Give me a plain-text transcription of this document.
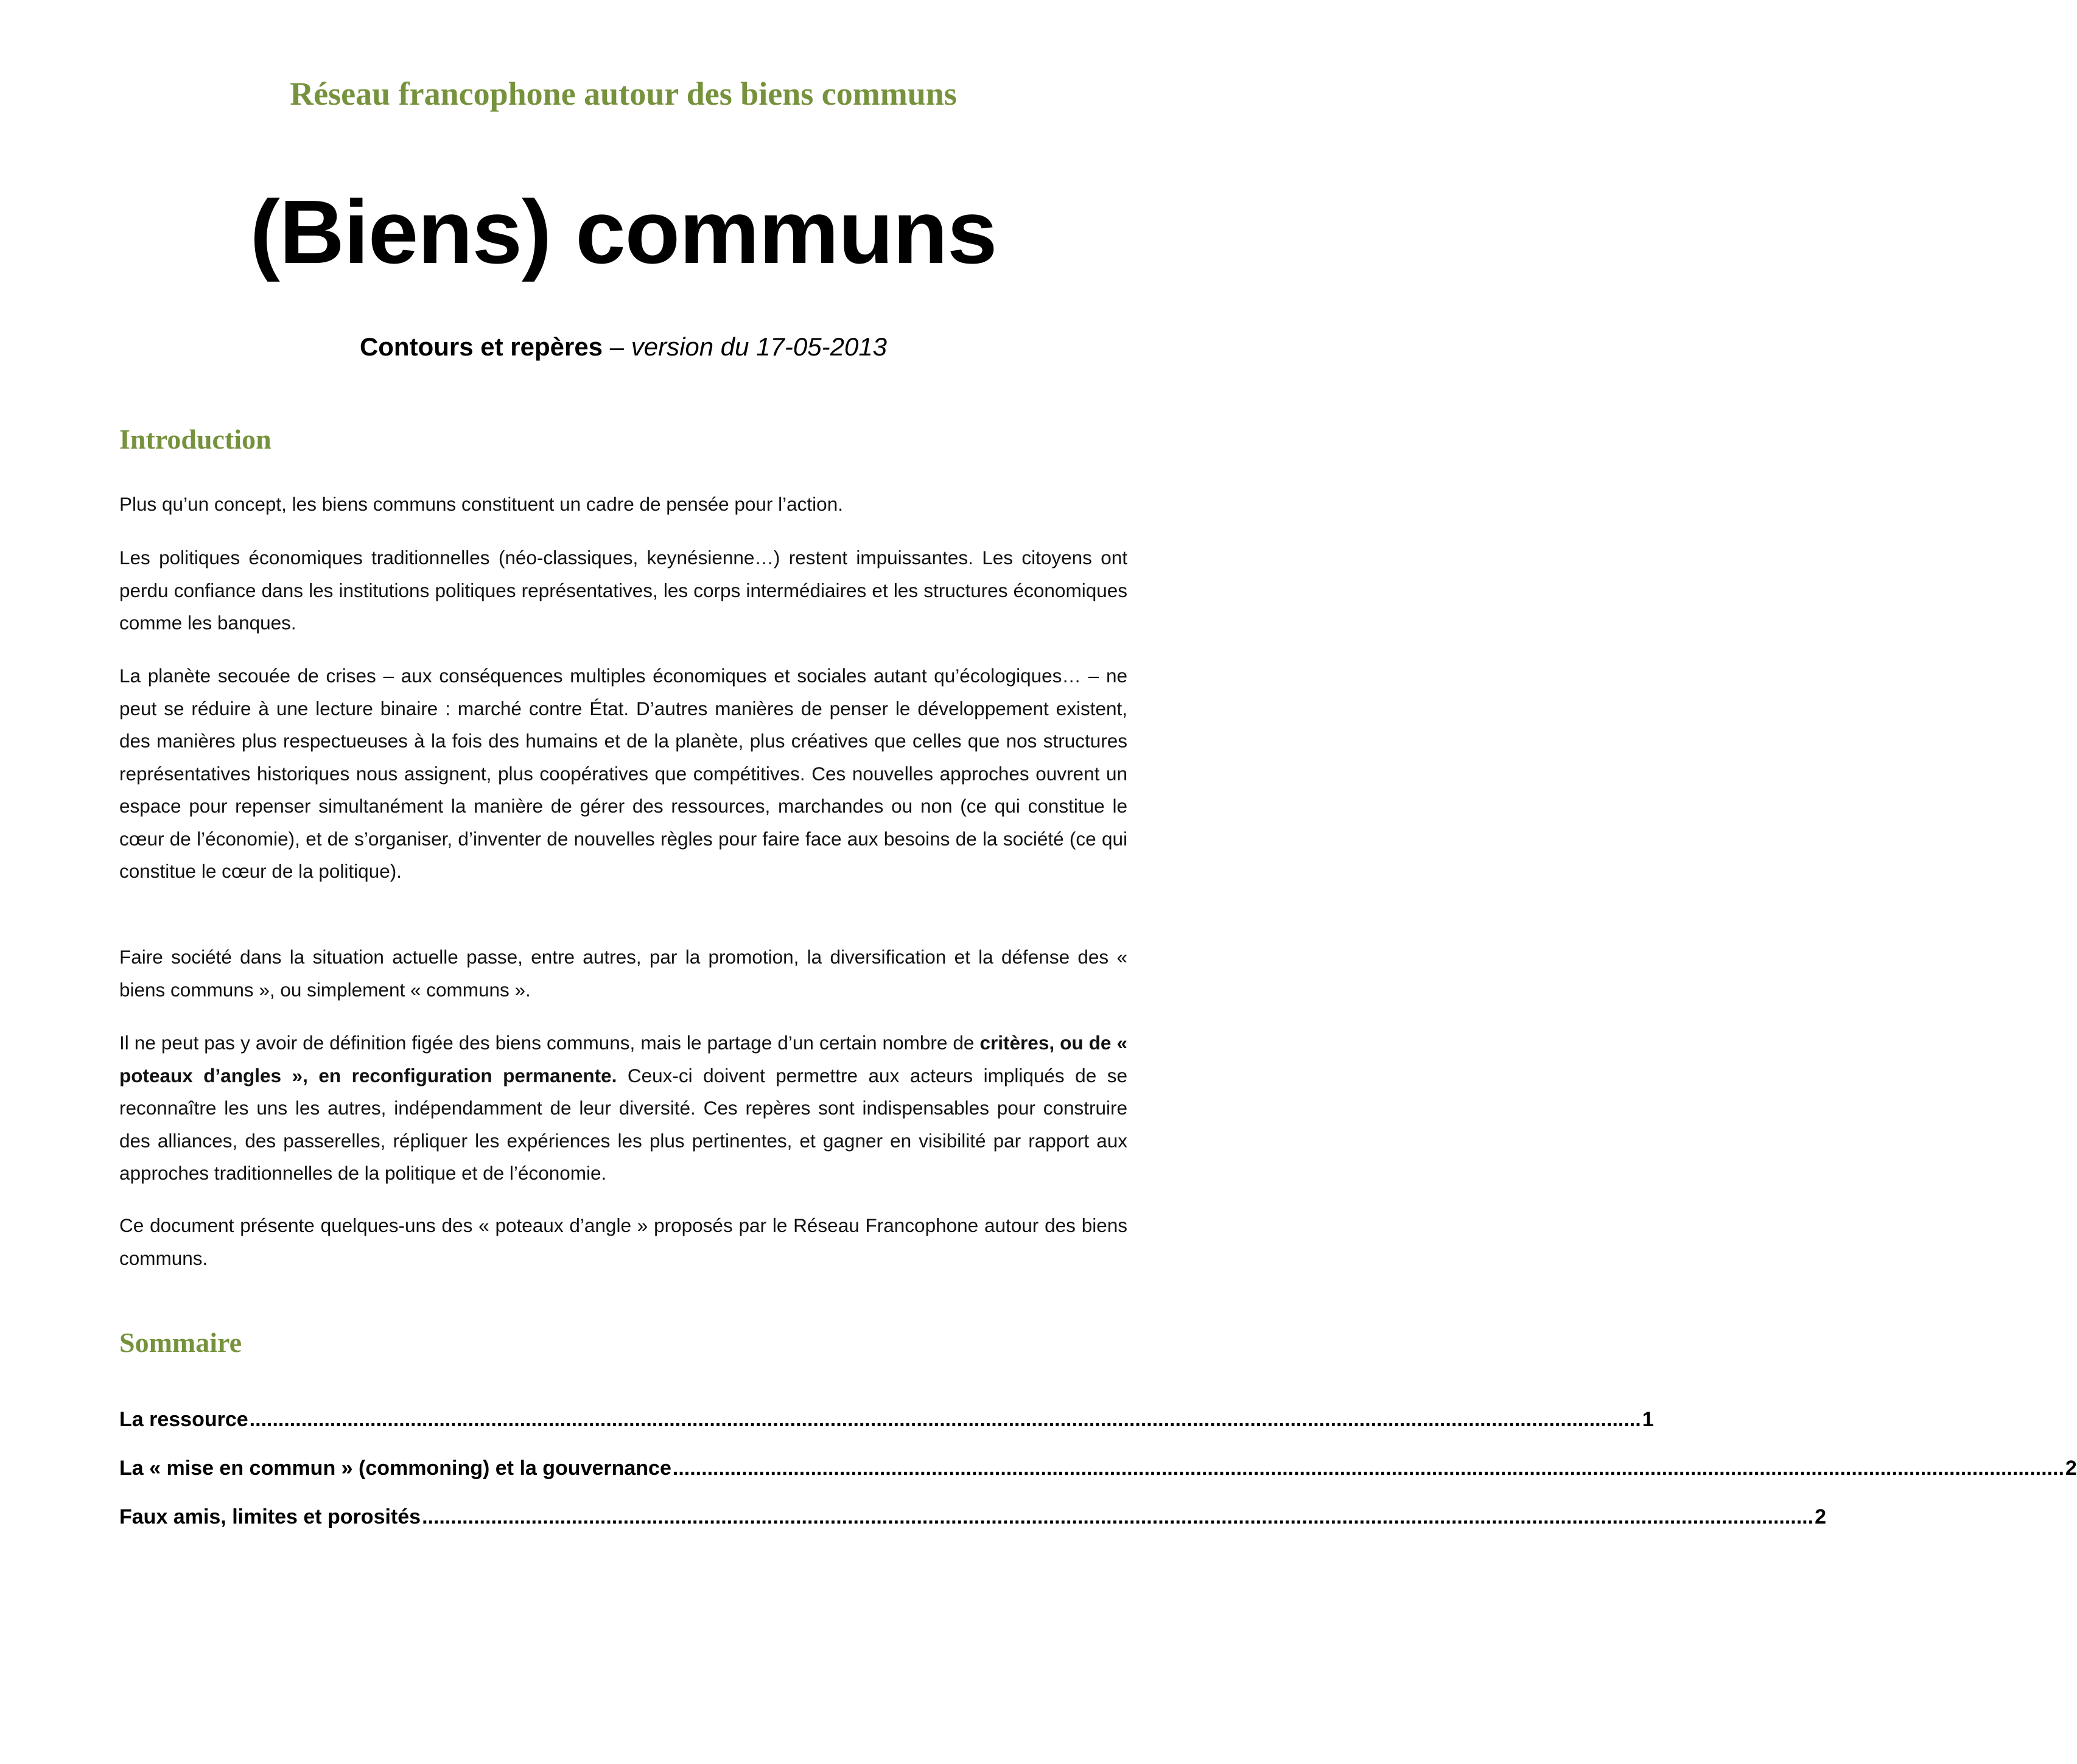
Réseau francophone autour des biens communs

(Biens) communs

Contours et repères – version du 17-05-2013

Introduction

Plus qu’un concept, les biens communs constituent un cadre de pensée pour l’action.

Les politiques économiques traditionnelles (néo-classiques, keynésienne…) restent impuissantes. Les citoyens ont perdu confiance dans les institutions politiques représentatives, les corps intermédiaires et les structures économiques comme les banques.

La planète secouée de crises – aux conséquences multiples économiques et sociales autant qu’écologiques… – ne peut se réduire à une lecture binaire : marché contre État. D’autres manières de penser le développement existent, des manières plus respectueuses à la fois des humains et de la planète, plus créatives que celles que nos structures représentatives historiques nous assignent, plus coopératives que compétitives. Ces nouvelles approches ouvrent un espace pour repenser simultanément la manière de gérer des ressources, marchandes ou non (ce qui constitue le cœur de l’économie), et de s’organiser, d’inventer de nouvelles règles pour faire face aux besoins de la société (ce qui constitue le cœur de la politique).

Faire société dans la situation actuelle passe, entre autres, par la promotion, la diversification et la défense des « biens communs », ou simplement « communs ».

Il ne peut pas y avoir de définition figée des biens communs, mais le partage d’un certain nombre de critères, ou de « poteaux d’angles », en reconfiguration permanente. Ceux-ci doivent permettre aux acteurs impliqués de se reconnaître les uns les autres, indépendamment de leur diversité. Ces repères sont indispensables pour construire des alliances, des passerelles, répliquer les expériences les plus pertinentes, et gagner en visibilité par rapport aux approches traditionnelles de la politique et de l’économie.

Ce document présente quelques-uns des « poteaux d’angle » proposés par le Réseau Francophone autour des biens communs.

Sommaire
La ressource .................................................................................................................................................................................................................................................. 1
La « mise en commun » (commoning) et la gouvernance .................................................................................................................................................................................................................................................. 2
Faux amis, limites et porosités .................................................................................................................................................................................................................................................. 2
